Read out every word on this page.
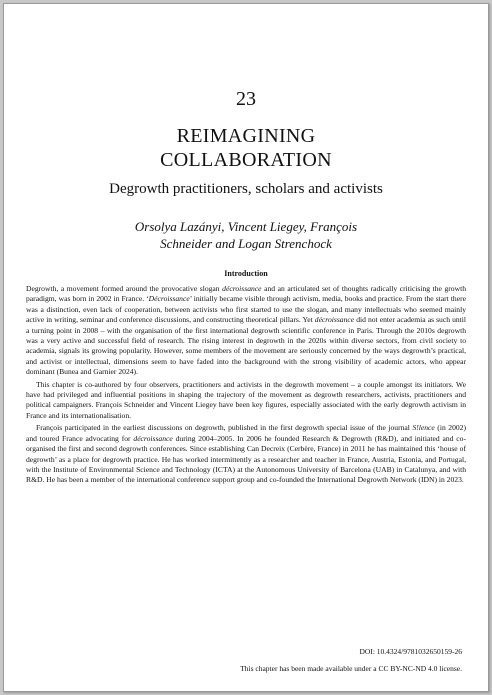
23
REIMAGINING
COLLABORATION
Degrowth practitioners, scholars and activists
Orsolya Lazányi, Vincent Liegey, François
Schneider and Logan Strenchock
Introduction

Degrowth, a movement formed around the provocative slogan décroissance and an articulated set of thoughts radically criticising the growth paradigm, was born in 2002 in France. ‘Décroissance’ initially became visible through activism, media, books and practice. From the start there was a distinction, even lack of cooperation, between activists who first started to use the slogan, and many intellectuals who seemed mainly active in writing, seminar and conference discussions, and constructing theoretical pillars. Yet décroissance did not enter academia as such until a turning point in 2008 – with the organisation of the first international degrowth scientific conference in Paris. Through the 2010s degrowth was a very active and successful field of research. The rising interest in degrowth in the 2020s within diverse sectors, from civil society to academia, signals its growing popularity. However, some members of the movement are seriously concerned by the ways degrowth’s practical, and activist or intellectual, dimensions seem to have faded into the background with the strong visibility of academic actors, who appear dominant (Bunea and Garnier 2024).

This chapter is co-authored by four observers, practitioners and activists in the degrowth movement – a couple amongst its initiators. We have had privileged and influential positions in shaping the trajectory of the movement as degrowth researchers, activists, practitioners and political campaigners. François Schneider and Vincent Liegey have been key figures, especially associated with the early degrowth activism in France and its internationalisation.

François participated in the earliest discussions on degrowth, published in the first degrowth special issue of the journal S!lence (in 2002) and toured France advocating for décroissance during 2004–2005. In 2006 he founded Research & Degrowth (R&D), and initiated and co-organised the first and second degrowth conferences. Since establishing Can Decreix (Cerbère, France) in 2011 he has maintained this ‘house of degrowth’ as a place for degrowth practice. He has worked intermittently as a researcher and teacher in France, Austria, Estonia, and Portugal, with the Institute of Environmental Science and Technology (ICTA) at the Autonomous University of Barcelona (UAB) in Catalunya, and with R&D. He has been a member of the international conference support group and co-founded the International Degrowth Network (IDN) in 2023.

DOI: 10.4324/9781032650159-26
This chapter has been made available under a CC BY-NC-ND 4.0 license.
